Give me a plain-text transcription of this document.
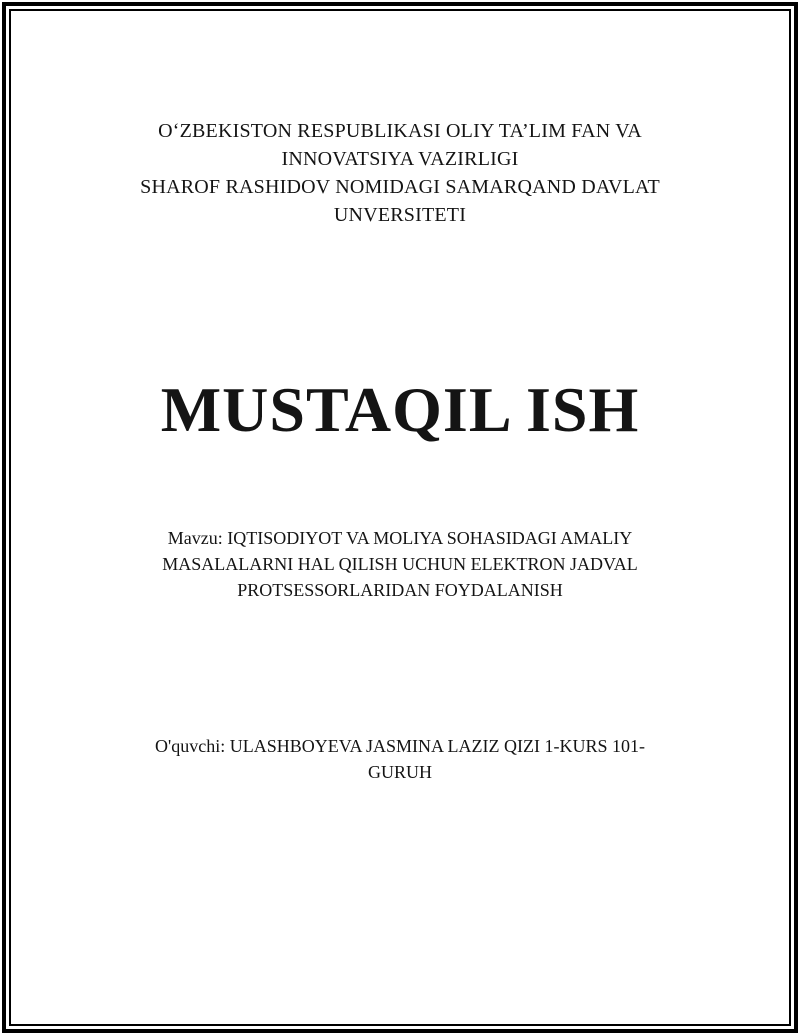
O‘ZBEKISTON RESPUBLIKASI OLIY TA’LIM FAN VA
INNOVATSIYA VAZIRLIGI
SHAROF RASHIDOV NOMIDAGI SAMARQAND DAVLAT
UNVERSITETI
MUSTAQIL ISH
Mavzu: IQTISODIYOT VA MOLIYA SOHASIDAGI AMALIY
MASALALARNI HAL QILISH UCHUN ELEKTRON JADVAL
PROTSESSORLARIDAN FOYDALANISH
O'quvchi: ULASHBOYEVA JASMINA LAZIZ QIZI 1-KURS 101-
GURUH
